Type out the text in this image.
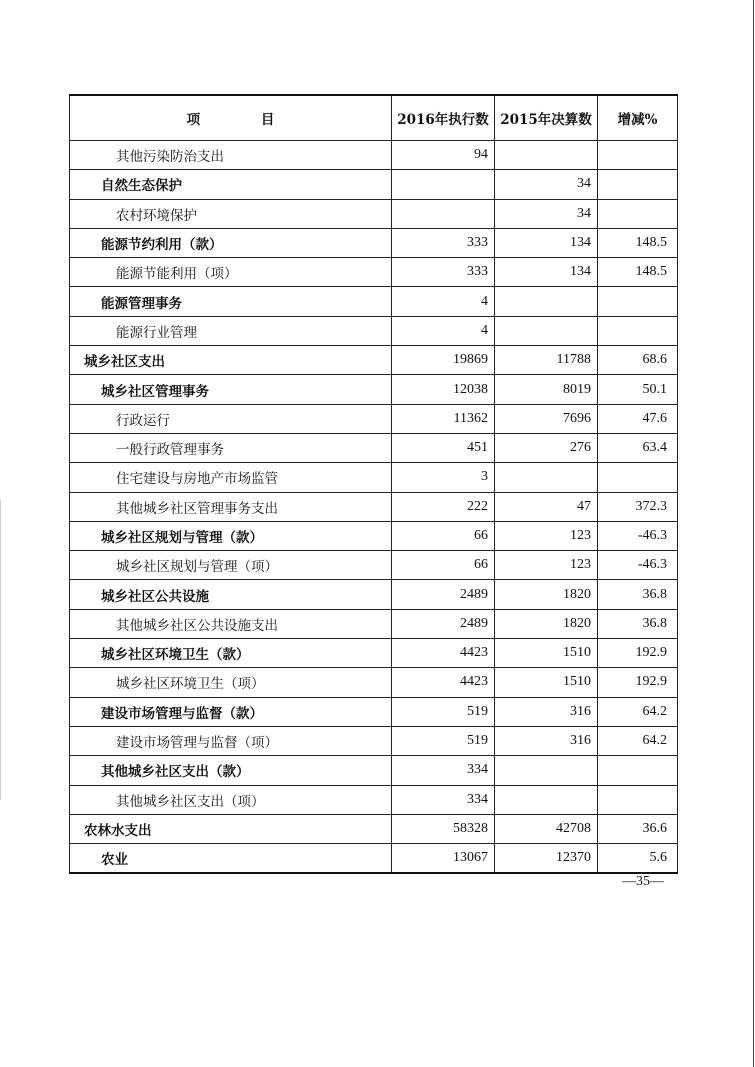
项 目	2016年执行数	2015年决算数	增减%
其他污染防治支出	94		
自然生态保护		34	
农村环境保护		34	
能源节约利用（款）	333	134	148.5
能源节能利用（项）	333	134	148.5
能源管理事务	4		
能源行业管理	4		
城乡社区支出	19869	11788	68.6
城乡社区管理事务	12038	8019	50.1
行政运行	11362	7696	47.6
一般行政管理事务	451	276	63.4
住宅建设与房地产市场监管	3		
其他城乡社区管理事务支出	222	47	372.3
城乡社区规划与管理（款）	66	123	-46.3
城乡社区规划与管理（项）	66	123	-46.3
城乡社区公共设施	2489	1820	36.8
其他城乡社区公共设施支出	2489	1820	36.8
城乡社区环境卫生（款）	4423	1510	192.9
城乡社区环境卫生（项）	4423	1510	192.9
建设市场管理与监督（款）	519	316	64.2
建设市场管理与监督（项）	519	316	64.2
其他城乡社区支出（款）	334		
其他城乡社区支出（项）	334		
农林水支出	58328	42708	36.6
农业	13067	12370	5.6
—35—
